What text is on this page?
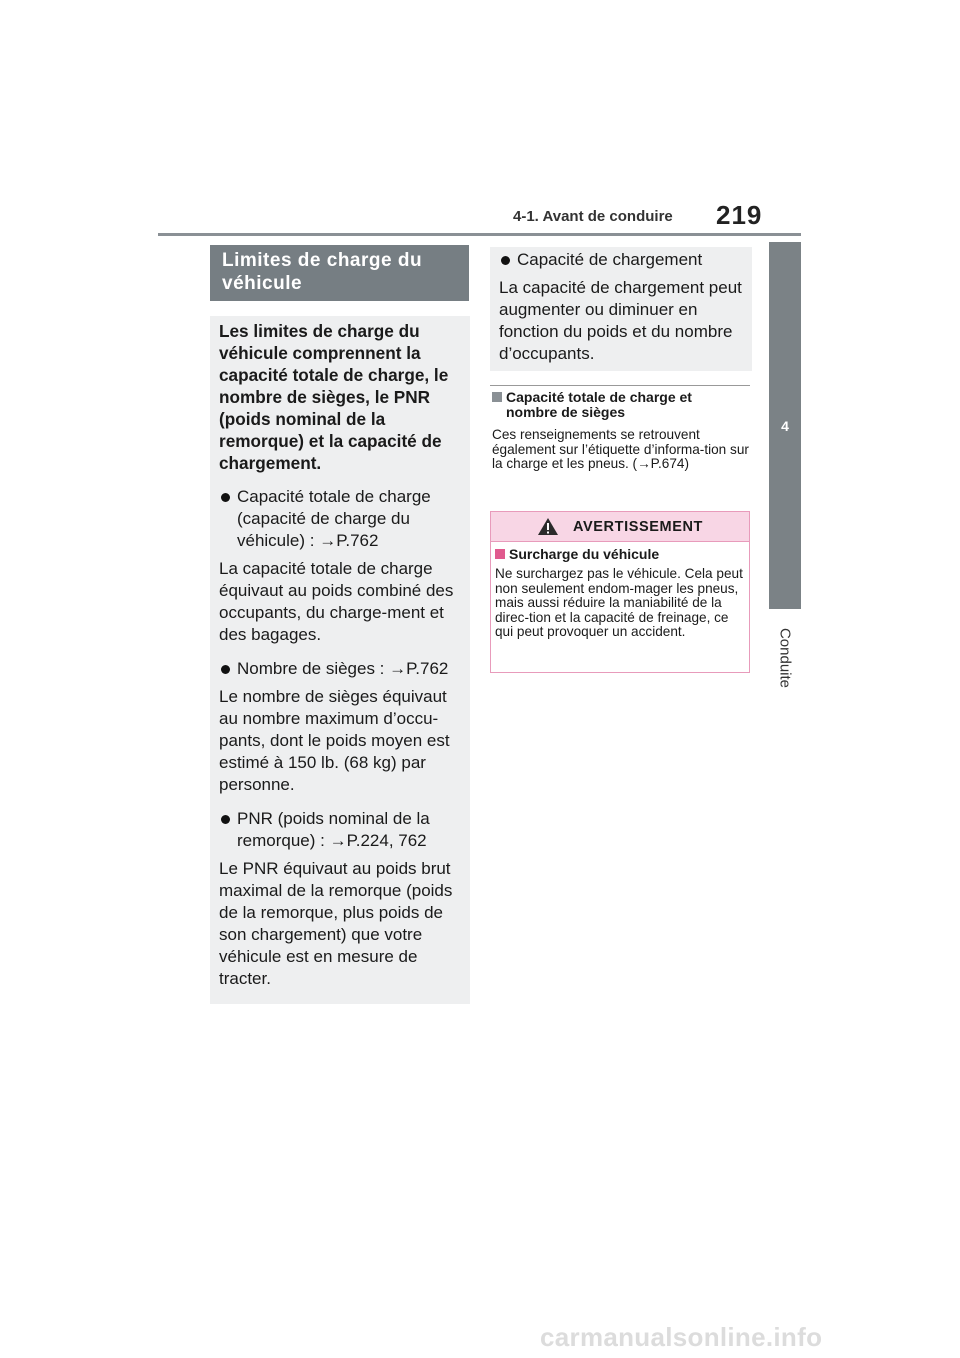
4-1. Avant de conduire 219
4
Conduite
Limites de charge du véhicule

Les limites de charge du véhicule comprennent la capacité totale de charge, le nombre de sièges, le PNR (poids nominal de la remorque) et la capacité de chargement.

Capacité totale de charge (capacité de charge du véhicule) : →P.762

La capacité totale de charge équivaut au poids combiné des occupants, du charge-ment et des bagages.

Nombre de sièges : →P.762

Le nombre de sièges équivaut au nombre maximum d’occu-pants, dont le poids moyen est estimé à 150 lb. (68 kg) par personne.

PNR (poids nominal de la remorque) : →P.224, 762

Le PNR équivaut au poids brut maximal de la remorque (poids de la remorque, plus poids de son chargement) que votre véhicule est en mesure de tracter.

Capacité de chargement

La capacité de chargement peut augmenter ou diminuer en fonction du poids et du nombre d’occupants.

Capacité totale de charge et
nombre de sièges
Ces renseignements se retrouvent également sur l’étiquette d’informa-tion sur la charge et les pneus. (→P.674)
AVERTISSEMENT
Surcharge du véhicule
Ne surchargez pas le véhicule. Cela peut non seulement endom-mager les pneus, mais aussi réduire la maniabilité de la direc-tion et la capacité de freinage, ce qui peut provoquer un accident.
carmanualsonline.info
